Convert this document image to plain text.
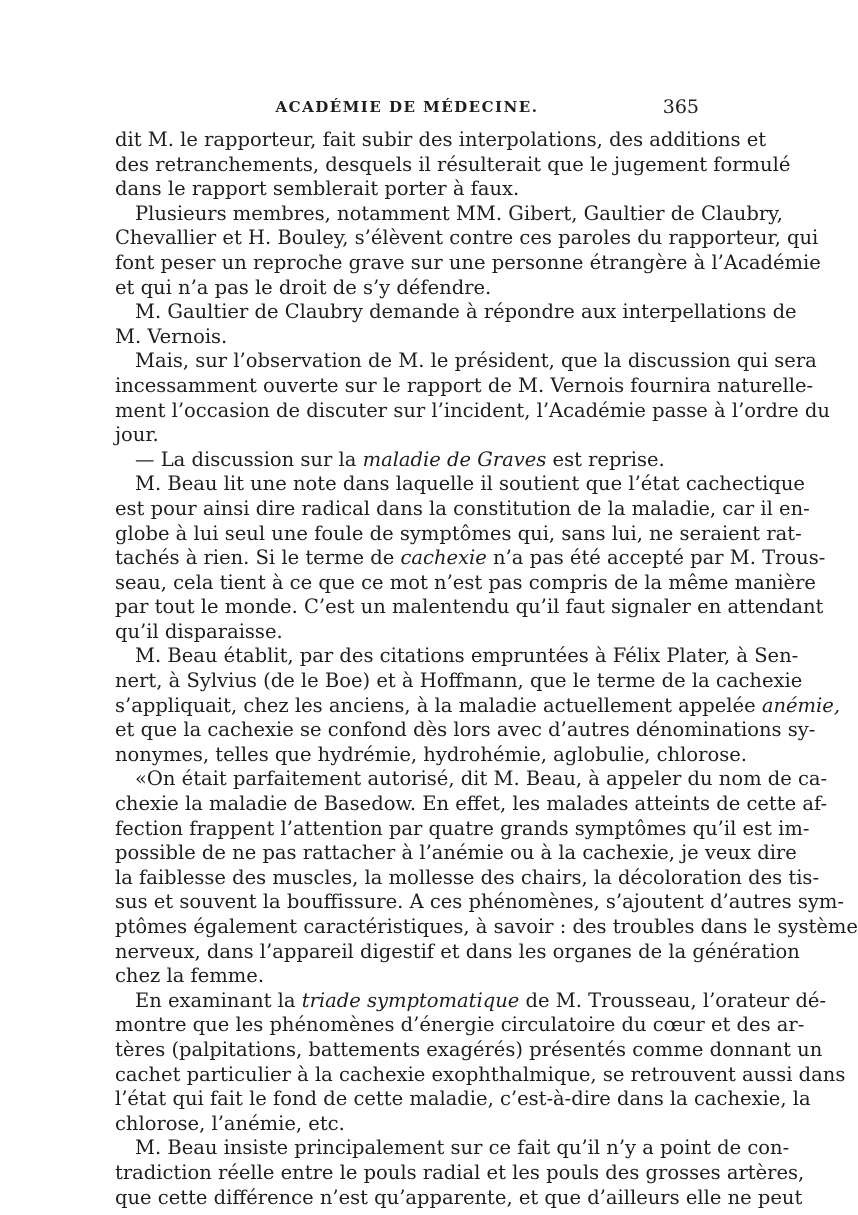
ACADÉMIE DE MÉDECINE.	365
dit M. le rapporteur, fait subir des interpolations, des additions et
des retranchements, desquels il résulterait que le jugement formulé
dans le rapport semblerait porter à faux.
Plusieurs membres, notamment MM. Gibert, Gaultier de Claubry,
Chevallier et H. Bouley, s’élèvent contre ces paroles du rapporteur, qui
font peser un reproche grave sur une personne étrangère à l’Académie
et qui n’a pas le droit de s’y défendre.
M. Gaultier de Claubry demande à répondre aux interpellations de
M. Vernois.
Mais, sur l’observation de M. le président, que la discussion qui sera
incessamment ouverte sur le rapport de M. Vernois fournira naturelle-
ment l’occasion de discuter sur l’incident, l’Académie passe à l’ordre du
jour.
— La discussion sur la maladie de Graves est reprise.
M. Beau lit une note dans laquelle il soutient que l’état cachectique
est pour ainsi dire radical dans la constitution de la maladie, car il en-
globe à lui seul une foule de symptômes qui, sans lui, ne seraient rat-
tachés à rien. Si le terme de cachexie n’a pas été accepté par M. Trous-
seau, cela tient à ce que ce mot n’est pas compris de la même manière
par tout le monde. C’est un malentendu qu’il faut signaler en attendant
qu’il disparaisse.
M. Beau établit, par des citations empruntées à Félix Plater, à Sen-
nert, à Sylvius (de le Boe) et à Hoffmann, que le terme de la cachexie
s’appliquait, chez les anciens, à la maladie actuellement appelée anémie,
et que la cachexie se confond dès lors avec d’autres dénominations sy-
nonymes, telles que hydrémie, hydrohémie, aglobulie, chlorose.
«On était parfaitement autorisé, dit M. Beau, à appeler du nom de ca-
chexie la maladie de Basedow. En effet, les malades atteints de cette af-
fection frappent l’attention par quatre grands symptômes qu’il est im-
possible de ne pas rattacher à l’anémie ou à la cachexie, je veux dire
la faiblesse des muscles, la mollesse des chairs, la décoloration des tis-
sus et souvent la bouffissure. A ces phénomènes, s’ajoutent d’autres sym-
ptômes également caractéristiques, à savoir : des troubles dans le système
nerveux, dans l’appareil digestif et dans les organes de la génération
chez la femme.
En examinant la triade symptomatique de M. Trousseau, l’orateur dé-
montre que les phénomènes d’énergie circulatoire du cœur et des ar-
tères (palpitations, battements exagérés) présentés comme donnant un
cachet particulier à la cachexie exophthalmique, se retrouvent aussi dans
l’état qui fait le fond de cette maladie, c’est-à-dire dans la cachexie, la
chlorose, l’anémie, etc.
M. Beau insiste principalement sur ce fait qu’il n’y a point de con-
tradiction réelle entre le pouls radial et les pouls des grosses artères,
que cette différence n’est qu’apparente, et que d’ailleurs elle ne peut
